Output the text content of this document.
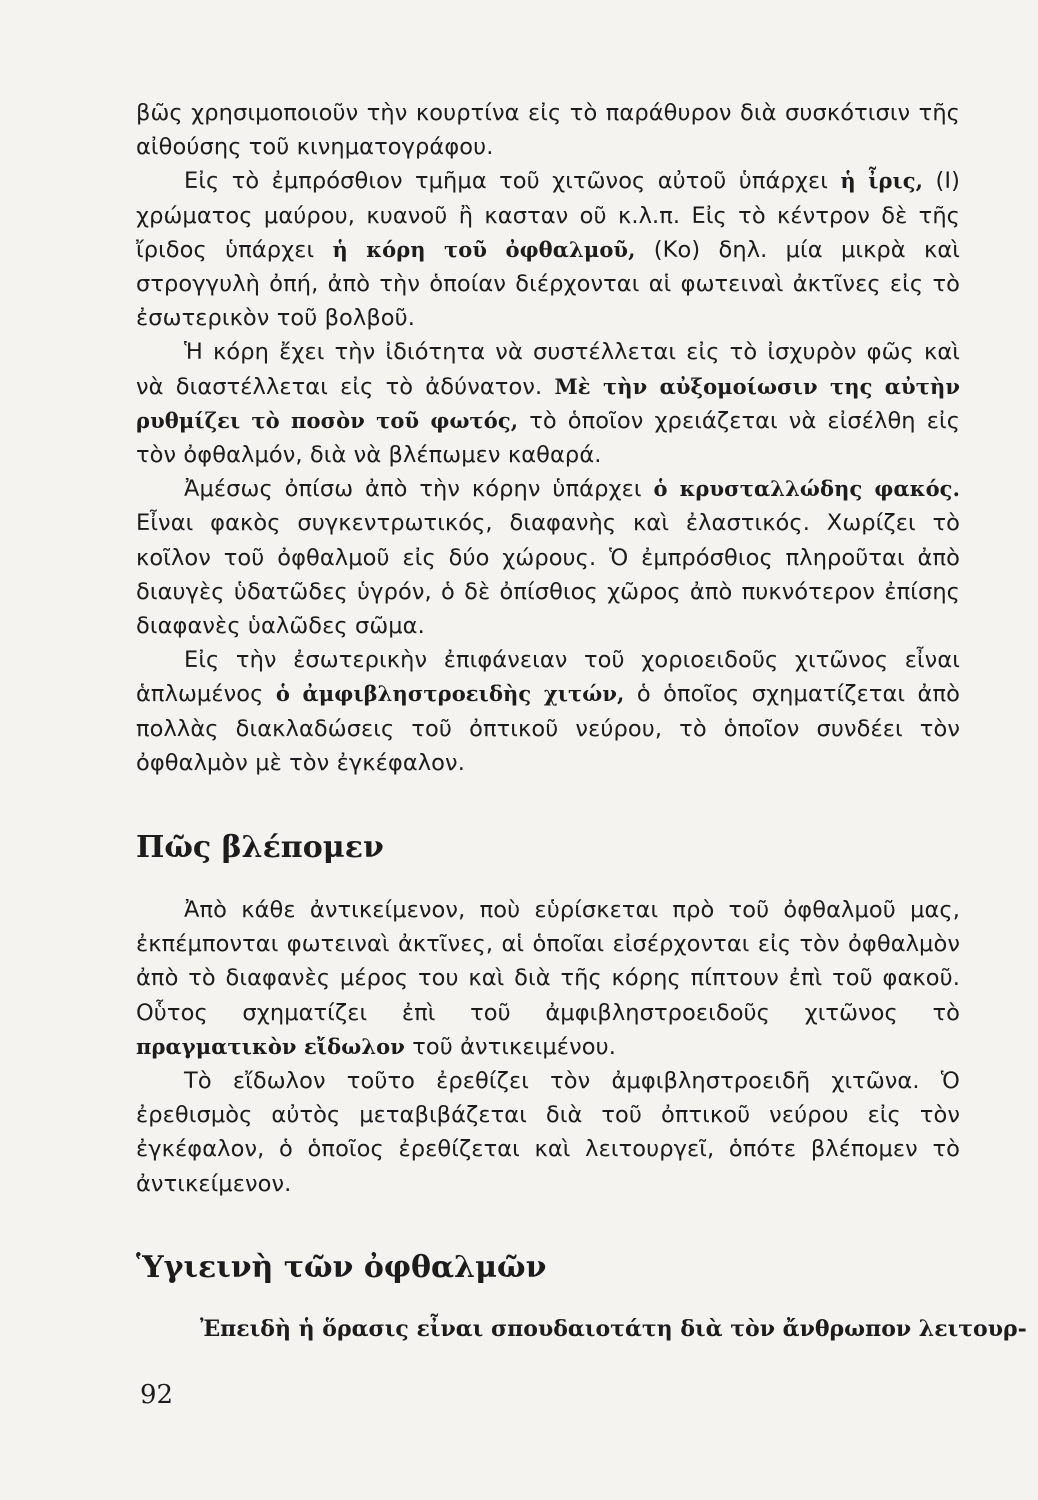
βῶς χρησιμοποιοῦν τὴν κουρτίνα εἰς τὸ παράθυρον διὰ συσκότισιν τῆς αἰθούσης τοῦ κινηματογράφου.

Εἰς τὸ ἐμπρόσθιον τμῆμα τοῦ χιτῶνος αὐτοῦ ὑπάρχει ἡ ἶρις, (Ι) χρώματος μαύρου, κυανοῦ ἢ κασταν οῦ κ.λ.π. Εἰς τὸ κέντρον δὲ τῆς ἴριδος ὑπάρχει ἡ κόρη τοῦ ὀφθαλμοῦ, (Κο) δηλ. μία μικρὰ καὶ στρογγυλὴ ὀπή, ἀπὸ τὴν ὁποίαν διέρχονται αἱ φωτειναὶ ἀκτῖνες εἰς τὸ ἐσωτερικὸν τοῦ βολβοῦ.

Ἡ κόρη ἔχει τὴν ἰδιότητα νὰ συστέλλεται εἰς τὸ ἰσχυρὸν φῶς καὶ νὰ διαστέλλεται εἰς τὸ ἀδύνατον. Μὲ τὴν αὐξομοίωσιν της αὐτὴν ρυθμίζει τὸ ποσὸν τοῦ φωτός, τὸ ὁποῖον χρειάζεται νὰ εἰσέλθη εἰς τὸν ὀφθαλμόν, διὰ νὰ βλέπωμεν καθαρά.

Ἀμέσως ὀπίσω ἀπὸ τὴν κόρην ὑπάρχει ὁ κρυσταλλώδης φακός. Εἶναι φακὸς συγκεντρωτικός, διαφανὴς καὶ ἐλαστικός. Χωρίζει τὸ κοῖλον τοῦ ὀφθαλμοῦ εἰς δύο χώρους. Ὁ ἐμπρόσθιος πληροῦται ἀπὸ διαυγὲς ὑδατῶδες ὑγρόν, ὁ δὲ ὀπίσθιος χῶρος ἀπὸ πυκνότερον ἐπίσης διαφανὲς ὑαλῶδες σῶμα.

Εἰς τὴν ἐσωτερικὴν ἐπιφάνειαν τοῦ χοριοειδοῦς χιτῶνος εἶναι ἁπλωμένος ὁ ἀμφιβληστροειδὴς χιτών, ὁ ὁποῖος σχηματίζεται ἀπὸ πολλὰς διακλαδώσεις τοῦ ὀπτικοῦ νεύρου, τὸ ὁποῖον συνδέει τὸν ὀφθαλμὸν μὲ τὸν ἐγκέφαλον.

Πῶς βλέπομεν

Ἀπὸ κάθε ἀντικείμενον, ποὺ εὑρίσκεται πρὸ τοῦ ὀφθαλμοῦ μας, ἐκπέμπονται φωτειναὶ ἀκτῖνες, αἱ ὁποῖαι εἰσέρχονται εἰς τὸν ὀφθαλμὸν ἀπὸ τὸ διαφανὲς μέρος του καὶ διὰ τῆς κόρης πίπτουν ἐπὶ τοῦ φακοῦ. Οὗτος σχηματίζει ἐπὶ τοῦ ἀμφιβληστροειδοῦς χιτῶνος τὸ πραγματικὸν εἴδωλον τοῦ ἀντικειμένου.

Τὸ εἴδωλον τοῦτο ἐρεθίζει τὸν ἀμφιβληστροειδῆ χιτῶνα. Ὁ ἐρεθισμὸς αὐτὸς μεταβιβάζεται διὰ τοῦ ὀπτικοῦ νεύρου εἰς τὸν ἐγκέφαλον, ὁ ὁποῖος ἐρεθίζεται καὶ λειτουργεῖ, ὁπότε βλέπομεν τὸ ἀντικείμενον.

Ὑγιεινὴ τῶν ὀφθαλμῶν

Ἐπειδὴ ἡ ὅρασις εἶναι σπουδαιοτάτη διὰ τὸν ἄνθρωπον λειτουρ-

92
